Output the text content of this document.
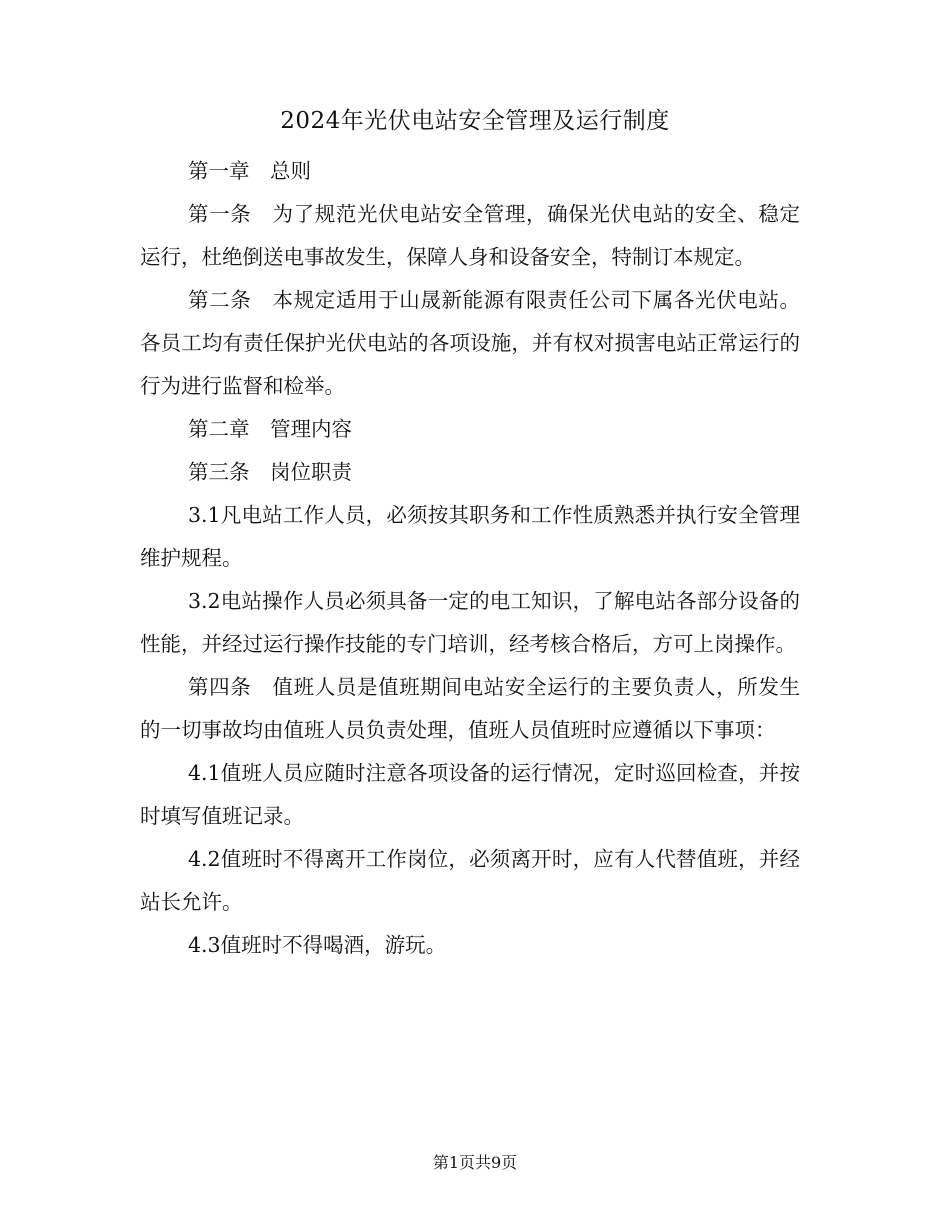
2024年光伏电站安全管理及运行制度

第一章　总则

第一条　为了规范光伏电站安全管理，确保光伏电站的安全、稳定运行，杜绝倒送电事故发生，保障人身和设备安全，特制订本规定。

第二条　本规定适用于山晟新能源有限责任公司下属各光伏电站。各员工均有责任保护光伏电站的各项设施，并有权对损害电站正常运行的行为进行监督和检举。

第二章　管理内容

第三条　岗位职责

3.1凡电站工作人员，必须按其职务和工作性质熟悉并执行安全管理维护规程。

3.2电站操作人员必须具备一定的电工知识，了解电站各部分设备的性能，并经过运行操作技能的专门培训，经考核合格后，方可上岗操作。

第四条　值班人员是值班期间电站安全运行的主要负责人，所发生的一切事故均由值班人员负责处理，值班人员值班时应遵循以下事项：

4.1值班人员应随时注意各项设备的运行情况，定时巡回检查，并按时填写值班记录。

4.2值班时不得离开工作岗位，必须离开时，应有人代替值班，并经站长允许。

4.3值班时不得喝酒，游玩。

第1页共9页
